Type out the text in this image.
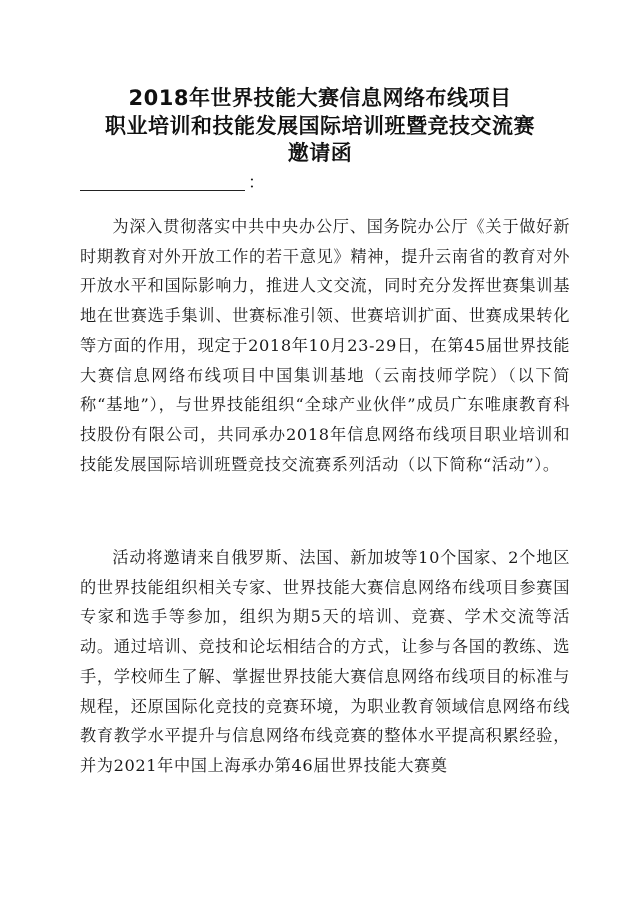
2018年世界技能大赛信息网络布线项目
职业培训和技能发展国际培训班暨竞技交流赛
邀请函
：

为深入贯彻落实中共中央办公厅、国务院办公厅《关于做好新时期教育对外开放工作的若干意见》精神，提升云南省的教育对外开放水平和国际影响力，推进人文交流，同时充分发挥世赛集训基地在世赛选手集训、世赛标准引领、世赛培训扩面、世赛成果转化等方面的作用，现定于2018年10月23-29日，在第45届世界技能大赛信息网络布线项目中国集训基地（云南技师学院）（以下简称“基地”），与世界技能组织“全球产业伙伴”成员广东唯康教育科技股份有限公司，共同承办2018年信息网络布线项目职业培训和技能发展国际培训班暨竞技交流赛系列活动（以下简称“活动”）。

活动将邀请来自俄罗斯、法国、新加坡等10个国家、2个地区的世界技能组织相关专家、世界技能大赛信息网络布线项目参赛国专家和选手等参加，组织为期5天的培训、竞赛、学术交流等活动。通过培训、竞技和论坛相结合的方式，让参与各国的教练、选手，学校师生了解、掌握世界技能大赛信息网络布线项目的标准与规程，还原国际化竞技的竞赛环境，为职业教育领域信息网络布线教育教学水平提升与信息网络布线竞赛的整体水平提高积累经验，并为2021年中国上海承办第46届世界技能大赛奠
